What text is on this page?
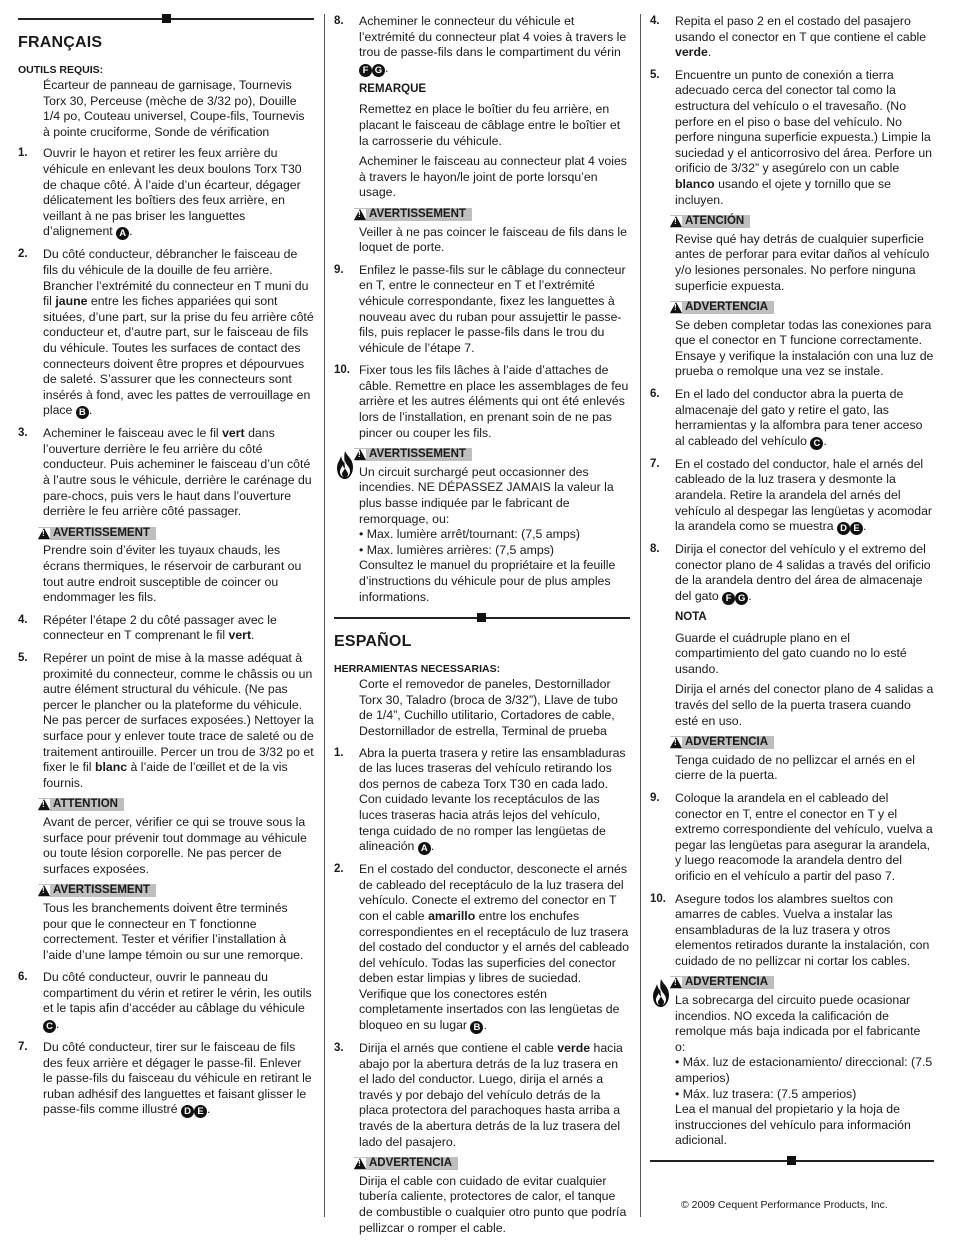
FRANÇAIS
OUTILS REQUIS:
Écarteur de panneau de garnisage, Tournevis Torx 30, Perceuse (mèche de 3/32 po), Douille 1/4 po, Couteau universel, Coupe-fils, Tournevis à pointe cruciforme, Sonde de vérification
1.	Ouvrir le hayon et retirer les feux arrière du véhicule en enlevant les deux boulons Torx T30 de chaque côté. À l’aide d’un écarteur, dégager délicatement les boîtiers des feux arrière, en veillant à ne pas briser les languettes d’alignement A .
2.	Du côté conducteur, débrancher le faisceau de fils du véhicule de la douille de feu arrière. Brancher l’extrémité du connecteur en T muni du fil jaune entre les fiches appariées qui sont situées, d’une part, sur la prise du feu arrière côté conducteur et, d’autre part, sur le faisceau de fils du véhicule. Toutes les surfaces de contact des connecteurs doivent être propres et dépourvues de saleté. S’assurer que les connecteurs sont insérés à fond, avec les pattes de verrouillage en place B .
3.	Acheminer le faisceau avec le fil vert dans l’ouverture derrière le feu arrière du côté conducteur. Puis acheminer le faisceau d’un côté à l’autre sous le véhicule, derrière le carénage du pare-chocs, puis vers le haut dans l’ouverture derrière le feu arrière côté passager.
!
AVERTISSEMENT
Prendre soin d’éviter les tuyaux chauds, les écrans thermiques, le réservoir de carburant ou tout autre endroit susceptible de coincer ou endommager les fils.
4.	Répéter l’étape 2 du côté passager avec le connecteur en T comprenant le fil vert.
5.	Repérer un point de mise à la masse adéquat à proximité du connecteur, comme le châssis ou un autre élément structural du véhicule. (Ne pas percer le plancher ou la plateforme du véhicule. Ne pas percer de surfaces exposées.) Nettoyer la surface pour y enlever toute trace de saleté ou de traitement antirouille. Percer un trou de 3/32 po et fixer le fil blanc à l’aide de l’œillet et de la vis fournis.
!
ATTENTION
Avant de percer, vérifier ce qui se trouve sous la surface pour prévenir tout dommage au véhicule ou toute lésion corporelle. Ne pas percer de surfaces exposées.
!
AVERTISSEMENT
Tous les branchements doivent être terminés pour que le connecteur en T fonctionne correctement. Tester et vérifier l’installation à l’aide d’une lampe témoin ou sur une remorque.
6.	Du côté conducteur, ouvrir le panneau du compartiment du vérin et retirer le vérin, les outils et le tapis afin d’accéder au câblage du véhicule C .
7.	Du côté conducteur, tirer sur le faisceau de fils des feux arrière et dégager le passe-fil. Enlever le passe-fils du faisceau du véhicule en retirant le ruban adhésif des languettes et faisant glisser le passe-fils comme illustré D E .
8.	Acheminer le connecteur du véhicule et l’extrémité du connecteur plat 4 voies à travers le trou de passe-fils dans le compartiment du vérin F G .
REMARQUE
Remettez en place le boîtier du feu arrière, en placant le faisceau de câblage entre le boîtier et la carrosserie du véhicule.
Acheminer le faisceau au connecteur plat 4 voies à travers le hayon/le joint de porte lorsqu’en usage.
!
AVERTISSEMENT
Veiller à ne pas coincer le faisceau de fils dans le loquet de porte.
9.	Enfilez le passe-fils sur le câblage du connecteur en T, entre le connecteur en T et l’extrémité véhicule correspondante, fixez les languettes à nouveau avec du ruban pour assujettir le passe-fils, puis replacer le passe-fils dans le trou du véhicule de l’étape 7.
10. Fixer tous les fils lâches à l’aide d’attaches de câble. Remettre en place les assemblages de feu arrière et les autres éléments qui ont été enlevés lors de l’installation, en prenant soin de ne pas pincer ou couper les fils.
!
AVERTISSEMENT
Un circuit surchargé peut occasionner des incendies. NE DÉPASSEZ JAMAIS la valeur la plus basse indiquée par le fabricant de remorquage, ou:
• Max. lumière arrêt/tournant: (7,5 amps)
• Max. lumières arrières: (7,5 amps)
Consultez le manuel du propriétaire et la feuille d’instructions du véhicule pour de plus amples informations.
ESPAÑOL
HERRAMIENTAS NECESSARIAS:
Corte el removedor de paneles, Destornillador Torx 30, Taladro (broca de 3/32”), Llave de tubo de 1/4”, Cuchillo utilitario, Cortadores de cable, Destornillador de estrella, Terminal de prueba
1.	Abra la puerta trasera y retire las ensambladuras de las luces traseras del vehículo retirando los dos pernos de cabeza Torx T30 en cada lado. Con cuidado levante los receptáculos de las luces traseras hacia atrás lejos del vehículo, tenga cuidado de no romper las lengüetas de alineación A .
2.	En el costado del conductor, desconecte el arnés de cableado del receptáculo de la luz trasera del vehículo. Conecte el extremo del conector en T con el cable amarillo entre los enchufes correspondientes en el receptáculo de luz trasera del costado del conductor y el arnés del cableado del vehículo. Todas las superficies del conector deben estar limpias y libres de suciedad. Verifique que los conectores estén completamente insertados con las lengüetas de bloqueo en su lugar B .
3.	Dirija el arnés que contiene el cable verde hacia abajo por la abertura detrás de la luz trasera en el lado del conductor. Luego, dirija el arnés a través y por debajo del vehículo detrás de la placa protectora del parachoques hasta arriba a través de la abertura detrás de la luz trasera del lado del pasajero.
!
ADVERTENCIA
Dirija el cable con cuidado de evitar cualquier tubería caliente, protectores de calor, el tanque de combustible o cualquier otro punto que podría pellizcar o romper el cable.
4.	Repita el paso 2 en el costado del pasajero usando el conector en T que contiene el cable verde.
5.	Encuentre un punto de conexión a tierra adecuado cerca del conector tal como la estructura del vehículo o el travesaño. (No perfore en el piso o base del vehículo. No perfore ninguna superficie expuesta.) Limpie la suciedad y el anticorrosivo del área. Perfore un orificio de 3/32” y asegúrelo con un cable blanco usando el ojete y tornillo que se incluyen.
!
ATENCIÓN
Revise qué hay detrás de cualquier superficie antes de perforar para evitar daños al vehículo y/o lesiones personales. No perfore ninguna superficie expuesta.
!
ADVERTENCIA
Se deben completar todas las conexiones para que el conector en T funcione correctamente. Ensaye y verifique la instalación con una luz de prueba o remolque una vez se instale.
6.	En el lado del conductor abra la puerta de almacenaje del gato y retire el gato, las herramientas y la alfombra para tener acceso al cableado del vehículo C .
7.	En el costado del conductor, hale el arnés del cableado de la luz trasera y desmonte la arandela. Retire la arandela del arnés del vehículo al despegar las lengüetas y acomodar la arandela como se muestra D E .
8.	Dirija el conector del vehículo y el extremo del conector plano de 4 salidas a través del orificio de la arandela dentro del área de almacenaje del gato F G .
NOTA
Guarde el cuádruple plano en el compartimiento del gato cuando no lo esté usando.
Dirija el arnés del conector plano de 4 salidas a través del sello de la puerta trasera cuando esté en uso.
!
ADVERTENCIA
Tenga cuidado de no pellizcar el arnés en el cierre de la puerta.
9.	Coloque la arandela en el cableado del conector en T, entre el conector en T y el extremo correspondiente del vehículo, vuelva a pegar las lengüetas para asegurar la arandela, y luego reacomode la arandela dentro del orificio en el vehículo a partir del paso 7.
10. Asegure todos los alambres sueltos con amarres de cables. Vuelva a instalar las ensambladuras de la luz trasera y otros elementos retirados durante la instalación, con cuidado de no pellizcar ni cortar los cables.
!
ADVERTENCIA
La sobrecarga del circuito puede ocasionar incendios. NO exceda la calificación de remolque más baja indicada por el fabricante o:
• Máx. luz de estacionamiento/ direccional: (7.5 amperios)
• Máx. luz trasera: (7.5 amperios)
Lea el manual del propietario y la hoja de instrucciones del vehículo para información adicional.
© 2009 Cequent Performance Products, Inc.
